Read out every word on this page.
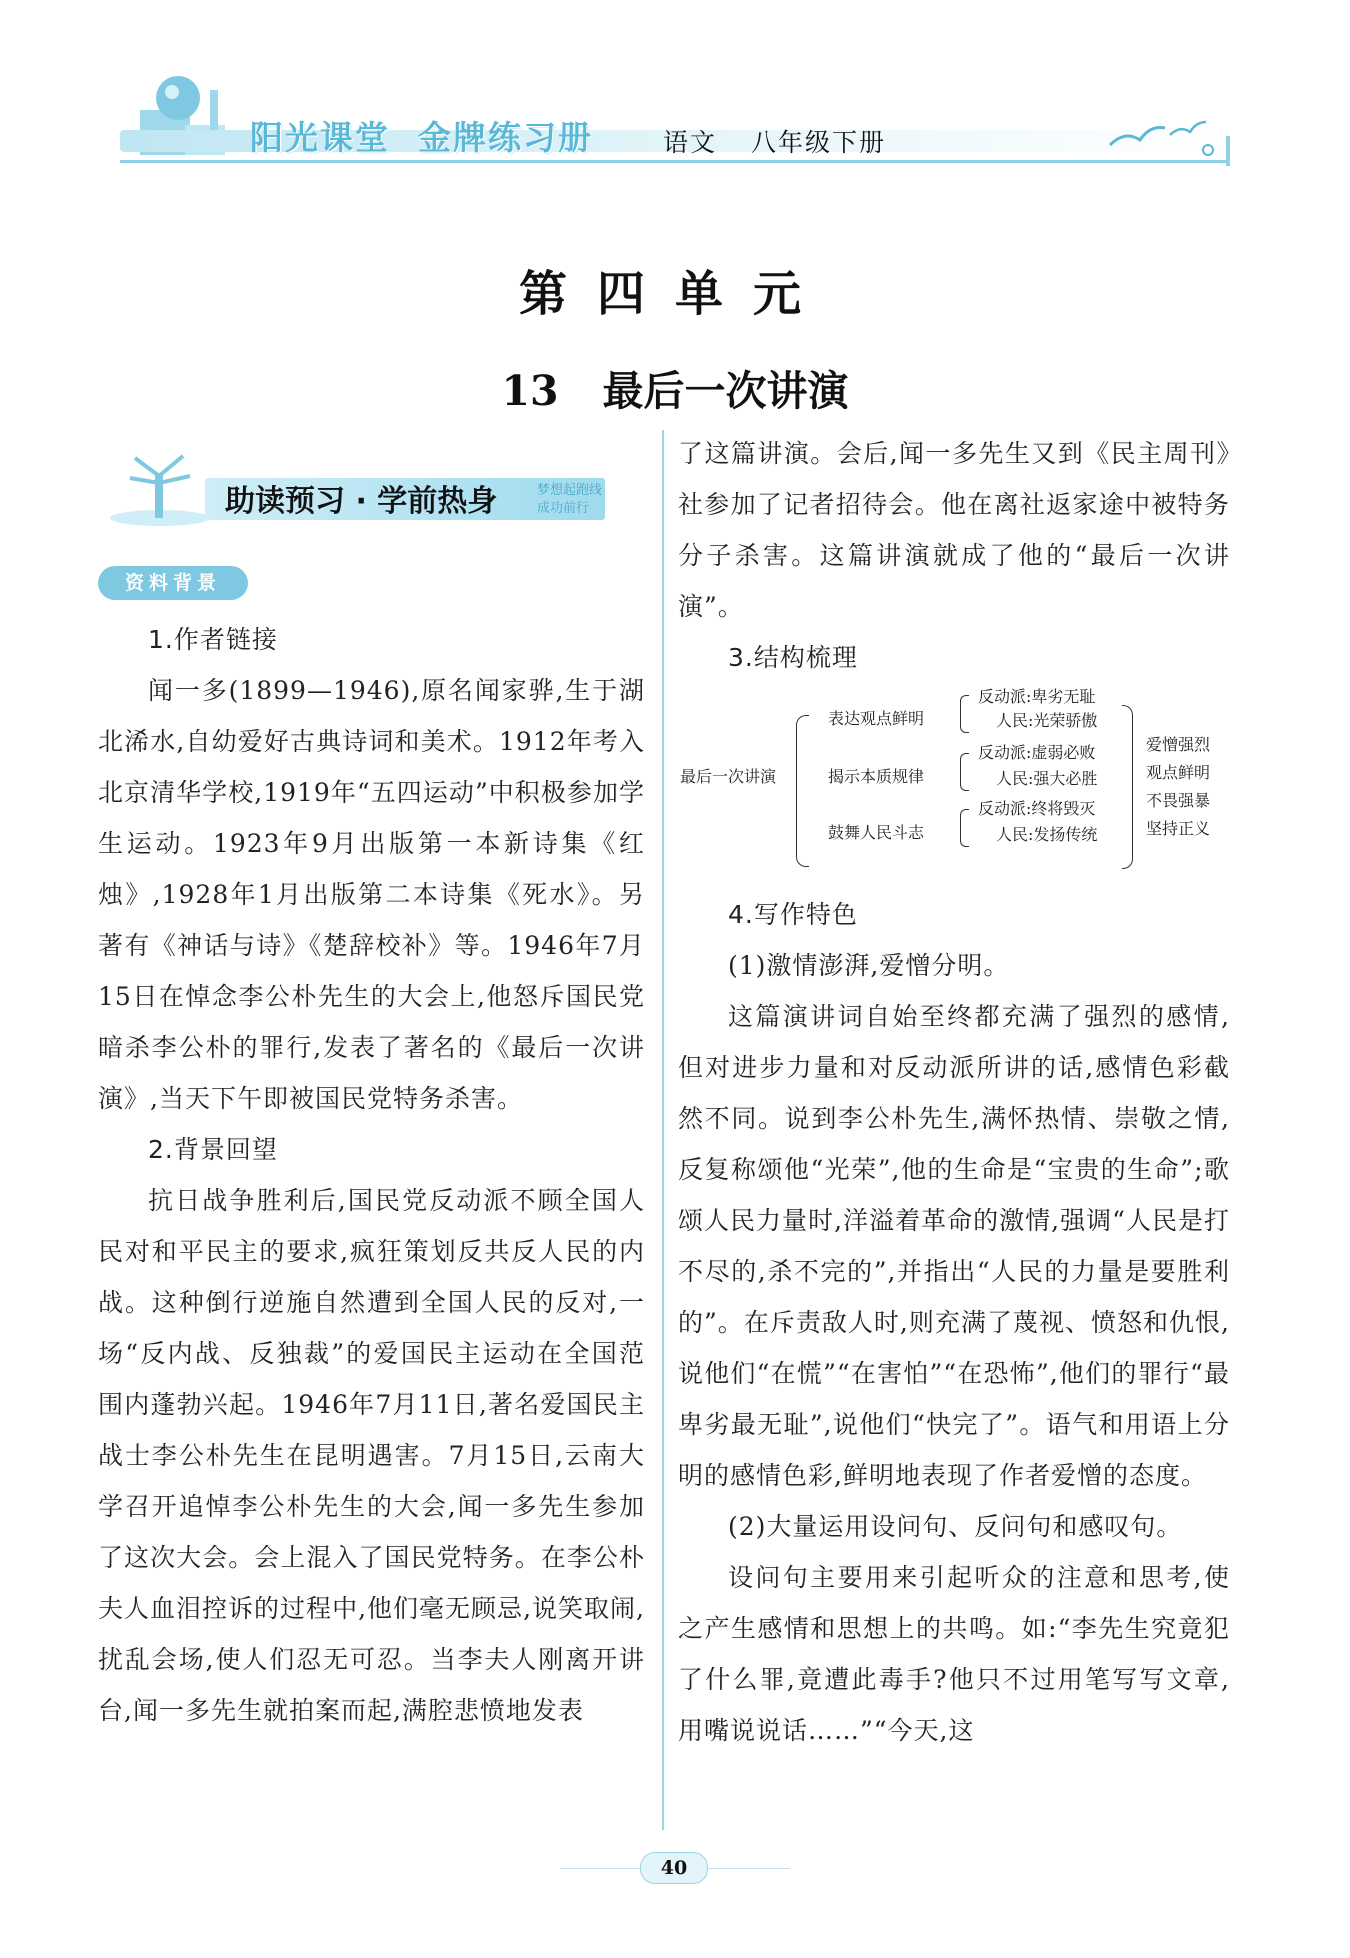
阳光课堂 金牌练习册	语文 八年级下册
第四单元
13 最后一次讲演
助读预习 · 学前热身	梦想起跑线
成功前行
资料背景
1.作者链接

闻一多(1899—1946),原名闻家骅,生于湖北浠水,自幼爱好古典诗词和美术。1912年考入北京清华学校,1919年“五四运动”中积极参加学生运动。1923年9月出版第一本新诗集《红烛》,1928年1月出版第二本诗集《死水》。另著有《神话与诗》《楚辞校补》等。1946年7月15日在悼念李公朴先生的大会上,他怒斥国民党暗杀李公朴的罪行,发表了著名的《最后一次讲演》,当天下午即被国民党特务杀害。

2.背景回望

抗日战争胜利后,国民党反动派不顾全国人民对和平民主的要求,疯狂策划反共反人民的内战。这种倒行逆施自然遭到全国人民的反对,一场“反内战、反独裁”的爱国民主运动在全国范围内蓬勃兴起。1946年7月11日,著名爱国民主战士李公朴先生在昆明遇害。7月15日,云南大学召开追悼李公朴先生的大会,闻一多先生参加了这次大会。会上混入了国民党特务。在李公朴夫人血泪控诉的过程中,他们毫无顾忌,说笑取闹,扰乱会场,使人们忍无可忍。当李夫人刚离开讲台,闻一多先生就拍案而起,满腔悲愤地发表

了这篇讲演。会后,闻一多先生又到《民主周刊》社参加了记者招待会。他在离社返家途中被特务分子杀害。这篇讲演就成了他的“最后一次讲演”。

3.结构梳理
最后一次讲演
表达观点鲜明
反动派:卑劣无耻
人民:光荣骄傲
揭示本质规律
反动派:虚弱必败
人民:强大必胜
鼓舞人民斗志
反动派:终将毁灭
人民:发扬传统
爱憎强烈
观点鲜明
不畏强暴
坚持正义
4.写作特色
(1)激情澎湃,爱憎分明。

这篇演讲词自始至终都充满了强烈的感情,但对进步力量和对反动派所讲的话,感情色彩截然不同。说到李公朴先生,满怀热情、崇敬之情,反复称颂他“光荣”,他的生命是“宝贵的生命”;歌颂人民力量时,洋溢着革命的激情,强调“人民是打不尽的,杀不完的”,并指出“人民的力量是要胜利的”。在斥责敌人时,则充满了蔑视、愤怒和仇恨,说他们“在慌”“在害怕”“在恐怖”,他们的罪行“最卑劣最无耻”,说他们“快完了”。语气和用语上分明的感情色彩,鲜明地表现了作者爱憎的态度。

(2)大量运用设问句、反问句和感叹句。

设问句主要用来引起听众的注意和思考,使之产生感情和思想上的共鸣。如:“李先生究竟犯了什么罪,竟遭此毒手?他只不过用笔写写文章,用嘴说说话……”“今天,这

40
